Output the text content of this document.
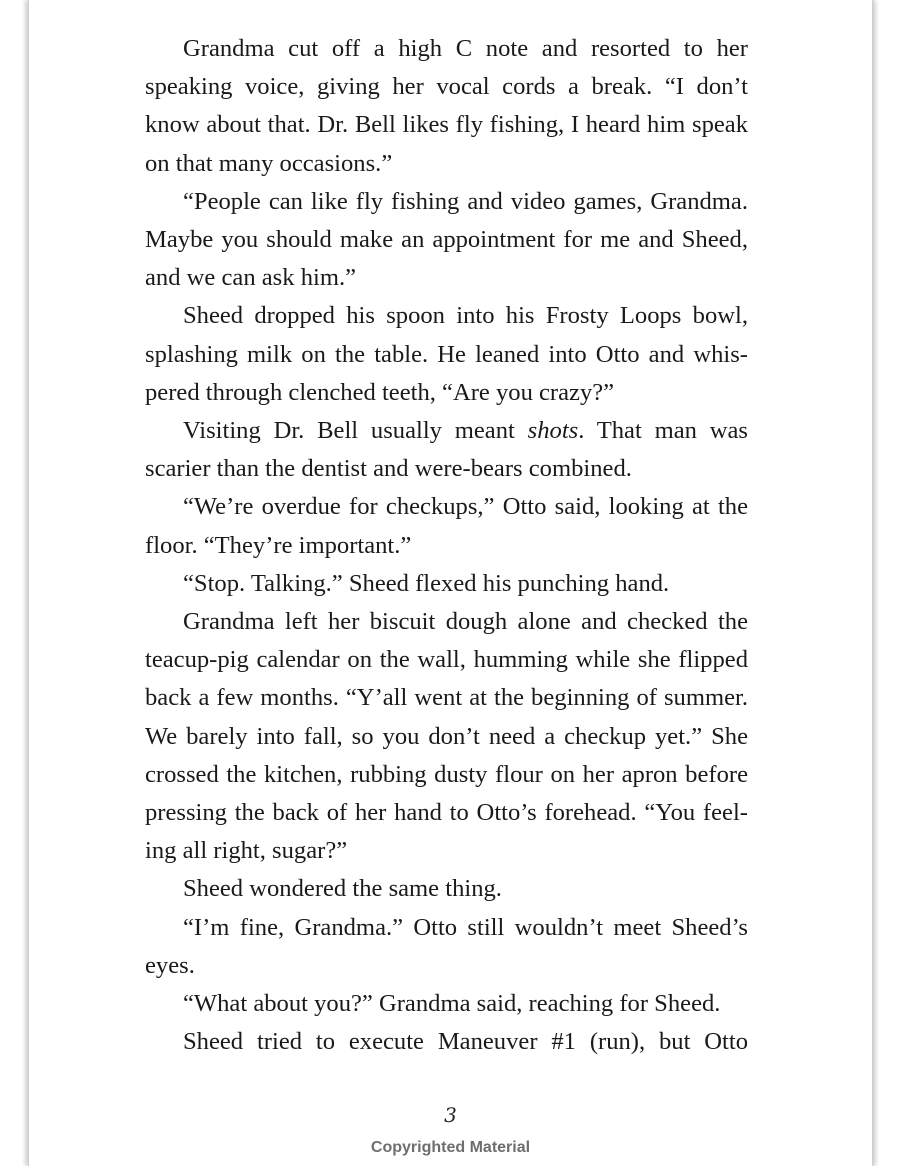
Grandma cut off a high C note and resorted to her speaking voice, giving her vocal cords a break. “I don’t know about that. Dr. Bell likes fly fishing, I heard him speak on that many occasions.”

“People can like fly fishing and video games, Grandma. Maybe you should make an appointment for me and Sheed, and we can ask him.”

Sheed dropped his spoon into his Frosty Loops bowl, splashing milk on the table. He leaned into Otto and whispered through clenched teeth, “Are you crazy?”

Visiting Dr. Bell usually meant shots. That man was scarier than the dentist and were-bears combined.

“We’re overdue for checkups,” Otto said, looking at the floor. “They’re important.”

“Stop. Talking.” Sheed flexed his punching hand.

Grandma left her biscuit dough alone and checked the teacup-pig calendar on the wall, humming while she flipped back a few months. “Y’all went at the beginning of summer. We barely into fall, so you don’t need a checkup yet.” She crossed the kitchen, rubbing dusty flour on her apron before pressing the back of her hand to Otto’s forehead. “You feeling all right, sugar?”

Sheed wondered the same thing.

“I’m fine, Grandma.” Otto still wouldn’t meet Sheed’s eyes.

“What about you?” Grandma said, reaching for Sheed.

Sheed tried to execute Maneuver #1 (run), but Otto

3
Copyrighted Material
